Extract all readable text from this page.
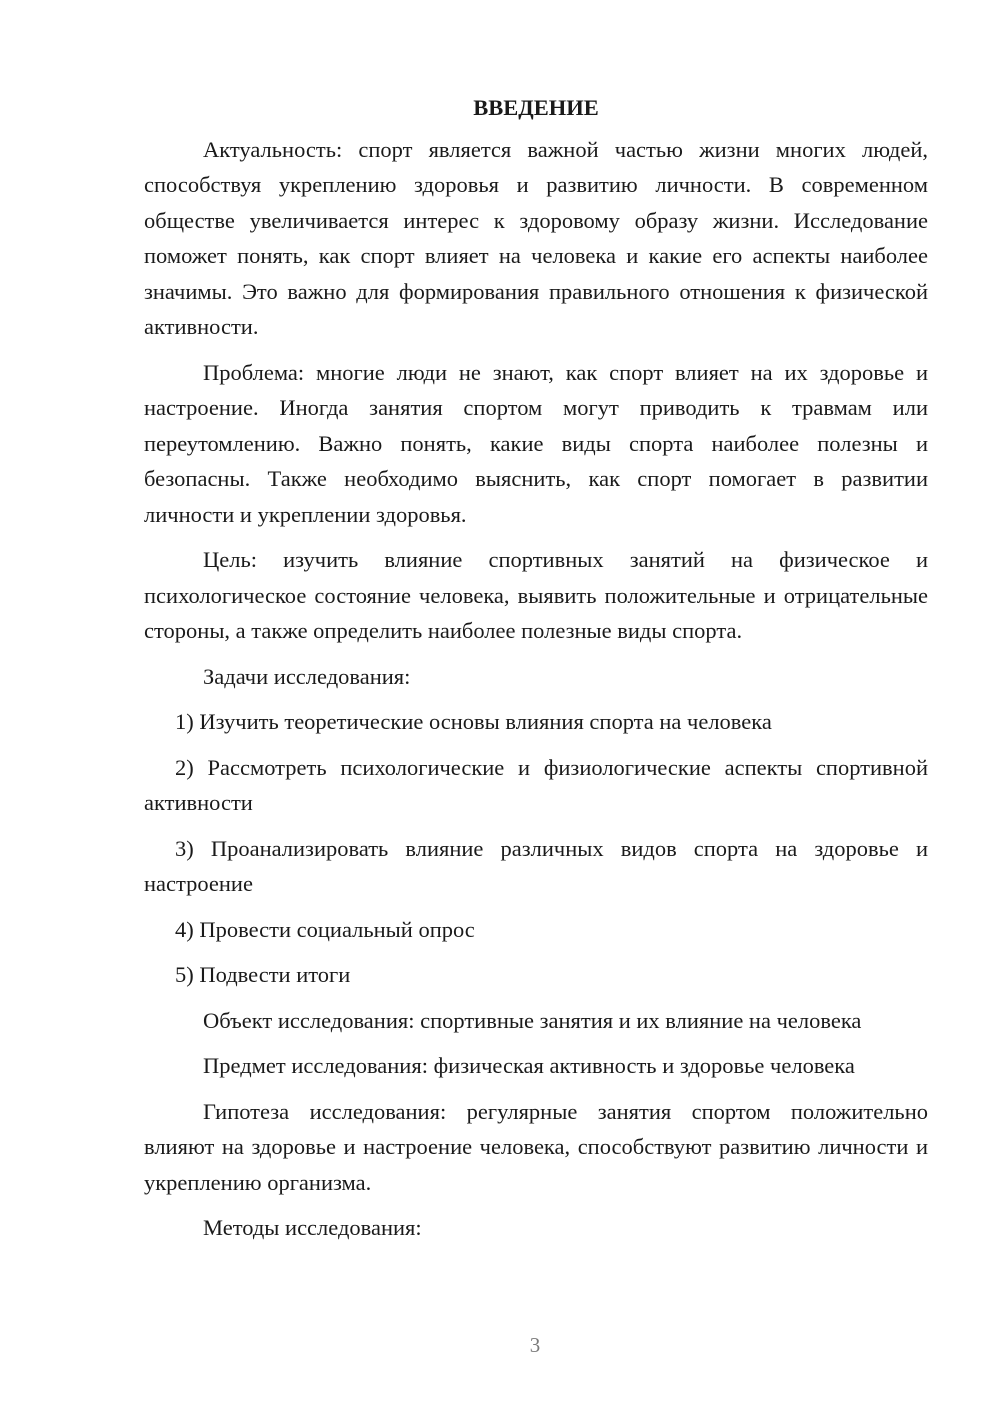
ВВЕДЕНИЕ

Актуальность: спорт является важной частью жизни многих людей, способствуя укреплению здоровья и развитию личности. В современном обществе увеличивается интерес к здоровому образу жизни. Исследование поможет понять, как спорт влияет на человека и какие его аспекты наиболее значимы. Это важно для формирования правильного отношения к физической активности.

Проблема: многие люди не знают, как спорт влияет на их здоровье и настроение. Иногда занятия спортом могут приводить к травмам или переутомлению. Важно понять, какие виды спорта наиболее полезны и безопасны. Также необходимо выяснить, как спорт помогает в развитии личности и укреплении здоровья.

Цель: изучить влияние спортивных занятий на физическое и психологическое состояние человека, выявить положительные и отрицательные стороны, а также определить наиболее полезные виды спорта.

Задачи исследования:

1) Изучить теоретические основы влияния спорта на человека

2) Рассмотреть психологические и физиологические аспекты спортивной активности

3) Проанализировать влияние различных видов спорта на здоровье и настроение

4) Провести социальный опрос

5) Подвести итоги

Объект исследования: спортивные занятия и их влияние на человека

Предмет исследования: физическая активность и здоровье человека

Гипотеза исследования: регулярные занятия спортом положительно влияют на здоровье и настроение человека, способствуют развитию личности и укреплению организма.

Методы исследования:

3
